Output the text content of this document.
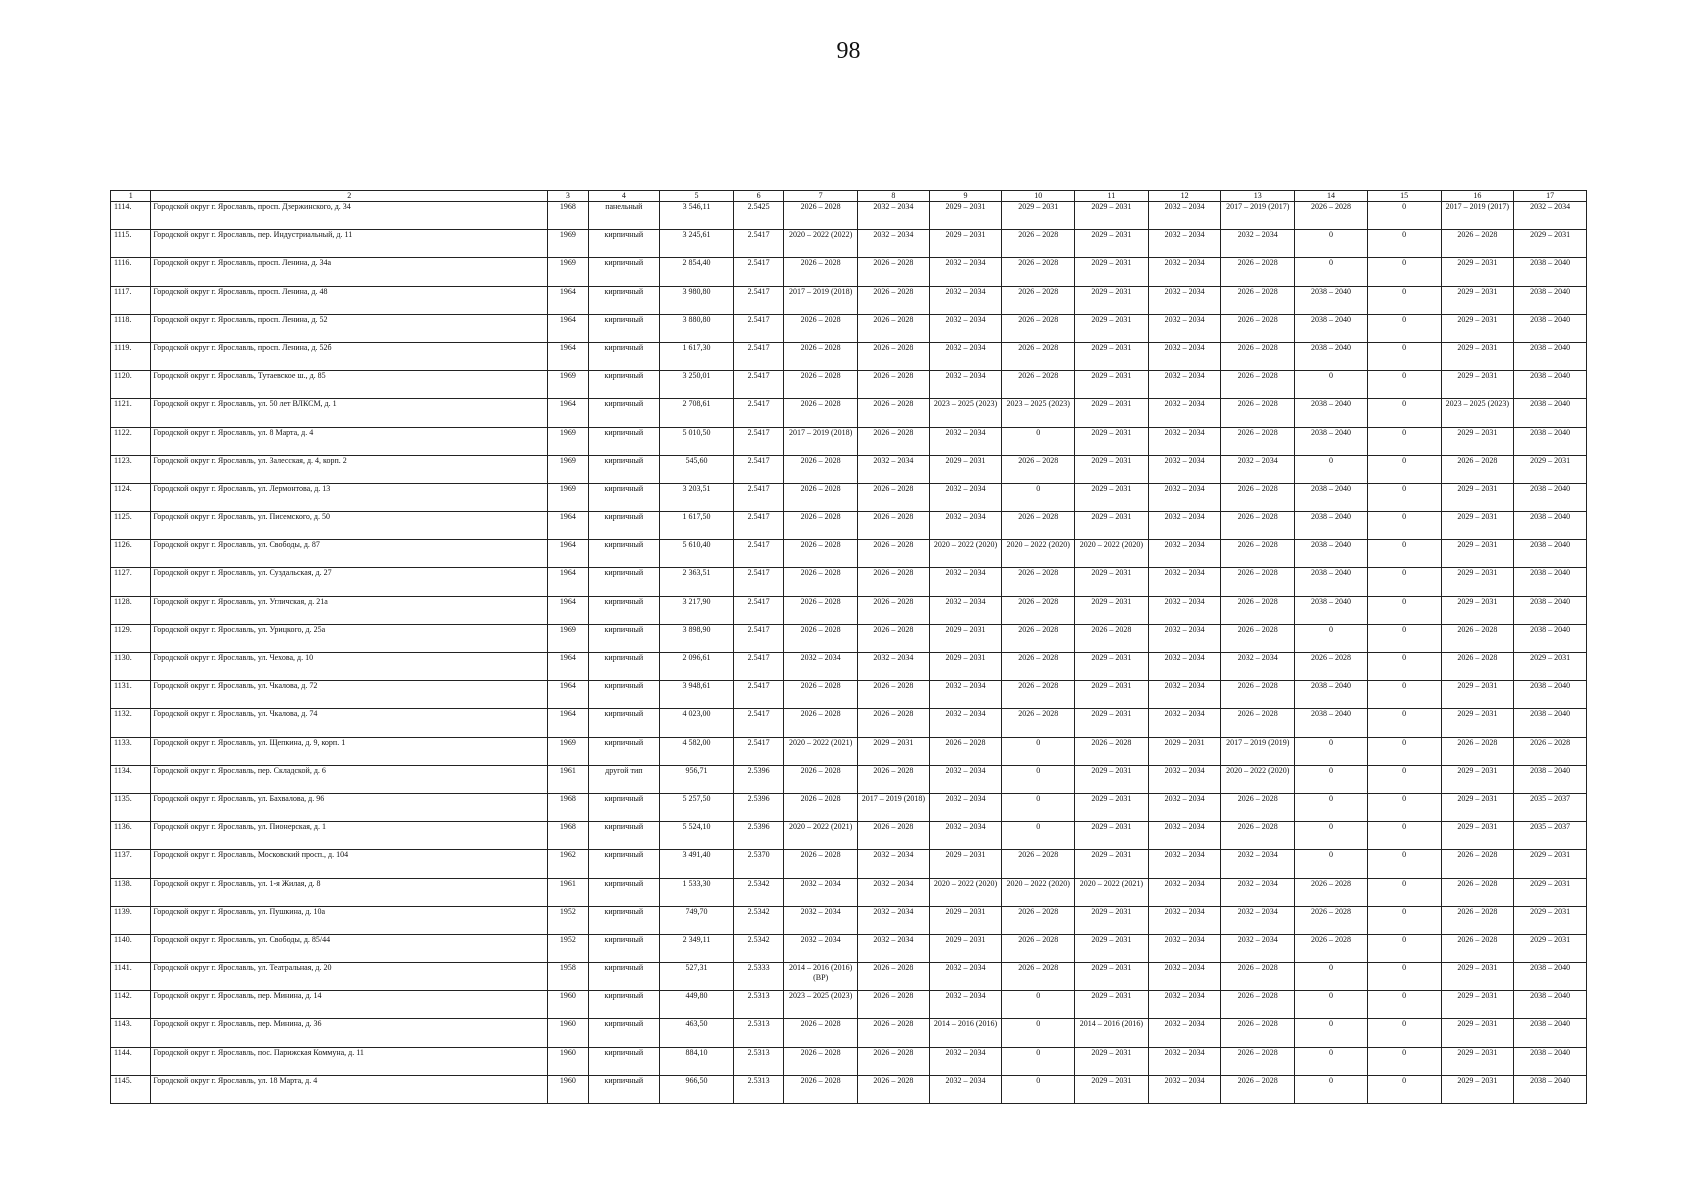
98
1	2	3	4	5	6	7	8	9	10	11	12	13	14	15	16	17
1114.	Городской округ г. Ярославль, просп. Дзержинского, д. 34	1968	панельный	3 546,11	2.5425	2026 – 2028	2032 – 2034	2029 – 2031	2029 – 2031	2029 – 2031	2032 – 2034	2017 – 2019 (2017)	2026 – 2028	0	2017 – 2019 (2017)	2032 – 2034
1115.	Городской округ г. Ярославль, пер. Индустриальный, д. 11	1969	кирпичный	3 245,61	2.5417	2020 – 2022 (2022)	2032 – 2034	2029 – 2031	2026 – 2028	2029 – 2031	2032 – 2034	2032 – 2034	0	0	2026 – 2028	2029 – 2031
1116.	Городской округ г. Ярославль, просп. Ленина, д. 34а	1969	кирпичный	2 854,40	2.5417	2026 – 2028	2026 – 2028	2032 – 2034	2026 – 2028	2029 – 2031	2032 – 2034	2026 – 2028	0	0	2029 – 2031	2038 – 2040
1117.	Городской округ г. Ярославль, просп. Ленина, д. 48	1964	кирпичный	3 980,80	2.5417	2017 – 2019 (2018)	2026 – 2028	2032 – 2034	2026 – 2028	2029 – 2031	2032 – 2034	2026 – 2028	2038 – 2040	0	2029 – 2031	2038 – 2040
1118.	Городской округ г. Ярославль, просп. Ленина, д. 52	1964	кирпичный	3 880,80	2.5417	2026 – 2028	2026 – 2028	2032 – 2034	2026 – 2028	2029 – 2031	2032 – 2034	2026 – 2028	2038 – 2040	0	2029 – 2031	2038 – 2040
1119.	Городской округ г. Ярославль, просп. Ленина, д. 52б	1964	кирпичный	1 617,30	2.5417	2026 – 2028	2026 – 2028	2032 – 2034	2026 – 2028	2029 – 2031	2032 – 2034	2026 – 2028	2038 – 2040	0	2029 – 2031	2038 – 2040
1120.	Городской округ г. Ярославль, Тутаевское ш., д. 85	1969	кирпичный	3 250,01	2.5417	2026 – 2028	2026 – 2028	2032 – 2034	2026 – 2028	2029 – 2031	2032 – 2034	2026 – 2028	0	0	2029 – 2031	2038 – 2040
1121.	Городской округ г. Ярославль, ул. 50 лет ВЛКСМ, д. 1	1964	кирпичный	2 708,61	2.5417	2026 – 2028	2026 – 2028	2023 – 2025 (2023)	2023 – 2025 (2023)	2029 – 2031	2032 – 2034	2026 – 2028	2038 – 2040	0	2023 – 2025 (2023)	2038 – 2040
1122.	Городской округ г. Ярославль, ул. 8 Марта, д. 4	1969	кирпичный	5 010,50	2.5417	2017 – 2019 (2018)	2026 – 2028	2032 – 2034	0	2029 – 2031	2032 – 2034	2026 – 2028	2038 – 2040	0	2029 – 2031	2038 – 2040
1123.	Городской округ г. Ярославль, ул. Залесская, д. 4, корп. 2	1969	кирпичный	545,60	2.5417	2026 – 2028	2032 – 2034	2029 – 2031	2026 – 2028	2029 – 2031	2032 – 2034	2032 – 2034	0	0	2026 – 2028	2029 – 2031
1124.	Городской округ г. Ярославль, ул. Лермонтова, д. 13	1969	кирпичный	3 203,51	2.5417	2026 – 2028	2026 – 2028	2032 – 2034	0	2029 – 2031	2032 – 2034	2026 – 2028	2038 – 2040	0	2029 – 2031	2038 – 2040
1125.	Городской округ г. Ярославль, ул. Писемского, д. 50	1964	кирпичный	1 617,50	2.5417	2026 – 2028	2026 – 2028	2032 – 2034	2026 – 2028	2029 – 2031	2032 – 2034	2026 – 2028	2038 – 2040	0	2029 – 2031	2038 – 2040
1126.	Городской округ г. Ярославль, ул. Свободы, д. 87	1964	кирпичный	5 610,40	2.5417	2026 – 2028	2026 – 2028	2020 – 2022 (2020)	2020 – 2022 (2020)	2020 – 2022 (2020)	2032 – 2034	2026 – 2028	2038 – 2040	0	2029 – 2031	2038 – 2040
1127.	Городской округ г. Ярославль, ул. Суздальская, д. 27	1964	кирпичный	2 363,51	2.5417	2026 – 2028	2026 – 2028	2032 – 2034	2026 – 2028	2029 – 2031	2032 – 2034	2026 – 2028	2038 – 2040	0	2029 – 2031	2038 – 2040
1128.	Городской округ г. Ярославль, ул. Угличская, д. 21а	1964	кирпичный	3 217,90	2.5417	2026 – 2028	2026 – 2028	2032 – 2034	2026 – 2028	2029 – 2031	2032 – 2034	2026 – 2028	2038 – 2040	0	2029 – 2031	2038 – 2040
1129.	Городской округ г. Ярославль, ул. Урицкого, д. 25а	1969	кирпичный	3 898,90	2.5417	2026 – 2028	2026 – 2028	2029 – 2031	2026 – 2028	2026 – 2028	2032 – 2034	2026 – 2028	0	0	2026 – 2028	2038 – 2040
1130.	Городской округ г. Ярославль, ул. Чехова, д. 10	1964	кирпичный	2 096,61	2.5417	2032 – 2034	2032 – 2034	2029 – 2031	2026 – 2028	2029 – 2031	2032 – 2034	2032 – 2034	2026 – 2028	0	2026 – 2028	2029 – 2031
1131.	Городской округ г. Ярославль, ул. Чкалова, д. 72	1964	кирпичный	3 948,61	2.5417	2026 – 2028	2026 – 2028	2032 – 2034	2026 – 2028	2029 – 2031	2032 – 2034	2026 – 2028	2038 – 2040	0	2029 – 2031	2038 – 2040
1132.	Городской округ г. Ярославль, ул. Чкалова, д. 74	1964	кирпичный	4 023,00	2.5417	2026 – 2028	2026 – 2028	2032 – 2034	2026 – 2028	2029 – 2031	2032 – 2034	2026 – 2028	2038 – 2040	0	2029 – 2031	2038 – 2040
1133.	Городской округ г. Ярославль, ул. Щепкина, д. 9, корп. 1	1969	кирпичный	4 582,00	2.5417	2020 – 2022 (2021)	2029 – 2031	2026 – 2028	0	2026 – 2028	2029 – 2031	2017 – 2019 (2019)	0	0	2026 – 2028	2026 – 2028
1134.	Городской округ г. Ярославль, пер. Складской, д. 6	1961	другой тип	956,71	2.5396	2026 – 2028	2026 – 2028	2032 – 2034	0	2029 – 2031	2032 – 2034	2020 – 2022 (2020)	0	0	2029 – 2031	2038 – 2040
1135.	Городской округ г. Ярославль, ул. Бахвалова, д. 96	1968	кирпичный	5 257,50	2.5396	2026 – 2028	2017 – 2019 (2018)	2032 – 2034	0	2029 – 2031	2032 – 2034	2026 – 2028	0	0	2029 – 2031	2035 – 2037
1136.	Городской округ г. Ярославль, ул. Пионерская, д. 1	1968	кирпичный	5 524,10	2.5396	2020 – 2022 (2021)	2026 – 2028	2032 – 2034	0	2029 – 2031	2032 – 2034	2026 – 2028	0	0	2029 – 2031	2035 – 2037
1137.	Городской округ г. Ярославль, Московский просп., д. 104	1962	кирпичный	3 491,40	2.5370	2026 – 2028	2032 – 2034	2029 – 2031	2026 – 2028	2029 – 2031	2032 – 2034	2032 – 2034	0	0	2026 – 2028	2029 – 2031
1138.	Городской округ г. Ярославль, ул. 1-я Жилая, д. 8	1961	кирпичный	1 533,30	2.5342	2032 – 2034	2032 – 2034	2020 – 2022 (2020)	2020 – 2022 (2020)	2020 – 2022 (2021)	2032 – 2034	2032 – 2034	2026 – 2028	0	2026 – 2028	2029 – 2031
1139.	Городской округ г. Ярославль, ул. Пушкина, д. 10а	1952	кирпичный	749,70	2.5342	2032 – 2034	2032 – 2034	2029 – 2031	2026 – 2028	2029 – 2031	2032 – 2034	2032 – 2034	2026 – 2028	0	2026 – 2028	2029 – 2031
1140.	Городской округ г. Ярославль, ул. Свободы, д. 85/44	1952	кирпичный	2 349,11	2.5342	2032 – 2034	2032 – 2034	2029 – 2031	2026 – 2028	2029 – 2031	2032 – 2034	2032 – 2034	2026 – 2028	0	2026 – 2028	2029 – 2031
1141.	Городской округ г. Ярославль, ул. Театральная, д. 20	1958	кирпичный	527,31	2.5333	2014 – 2016 (2016) (ВР)	2026 – 2028	2032 – 2034	2026 – 2028	2029 – 2031	2032 – 2034	2026 – 2028	0	0	2029 – 2031	2038 – 2040
1142.	Городской округ г. Ярославль, пер. Минина, д. 14	1960	кирпичный	449,80	2.5313	2023 – 2025 (2023)	2026 – 2028	2032 – 2034	0	2029 – 2031	2032 – 2034	2026 – 2028	0	0	2029 – 2031	2038 – 2040
1143.	Городской округ г. Ярославль, пер. Минина, д. 36	1960	кирпичный	463,50	2.5313	2026 – 2028	2026 – 2028	2014 – 2016 (2016)	0	2014 – 2016 (2016)	2032 – 2034	2026 – 2028	0	0	2029 – 2031	2038 – 2040
1144.	Городской округ г. Ярославль, пос. Парижская Коммуна, д. 11	1960	кирпичный	884,10	2.5313	2026 – 2028	2026 – 2028	2032 – 2034	0	2029 – 2031	2032 – 2034	2026 – 2028	0	0	2029 – 2031	2038 – 2040
1145.	Городской округ г. Ярославль, ул. 18 Марта, д. 4	1960	кирпичный	966,50	2.5313	2026 – 2028	2026 – 2028	2032 – 2034	0	2029 – 2031	2032 – 2034	2026 – 2028	0	0	2029 – 2031	2038 – 2040
